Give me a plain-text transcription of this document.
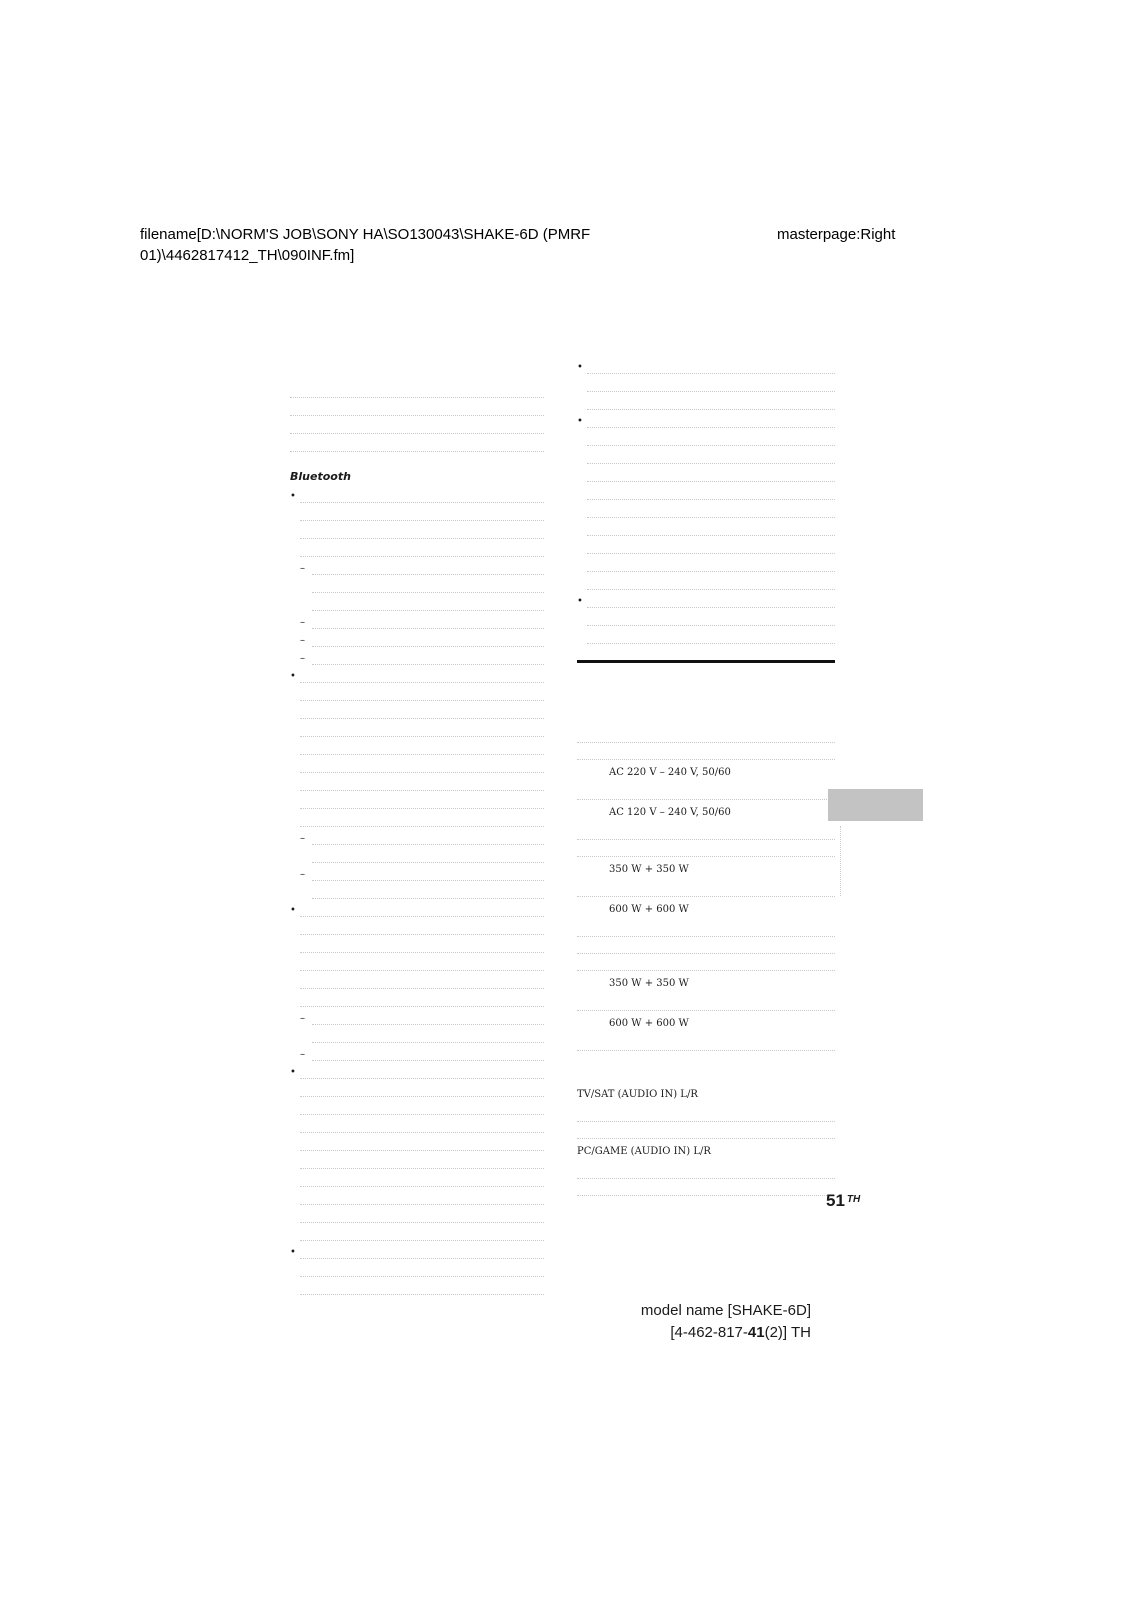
filename[D:\NORM'S JOB\SONY HA\SO130043\SHAKE-6D (PMRF
01)\4462817412_TH\090INF.fm]
masterpage:Right
Bluetooth
•
–
–
–
–
•
–
–
•
–
–
•
•
•
•
•
AC 220 V – 240 V, 50/60
AC 120 V – 240 V, 50/60
350 W + 350 W
600 W + 600 W
350 W + 350 W
600 W + 600 W
TV/SAT (AUDIO IN) L/R
PC/GAME (AUDIO IN) L/R
51 $^{TH}$
model name [SHAKE-6D]
[4-462-817-41(2)] TH
